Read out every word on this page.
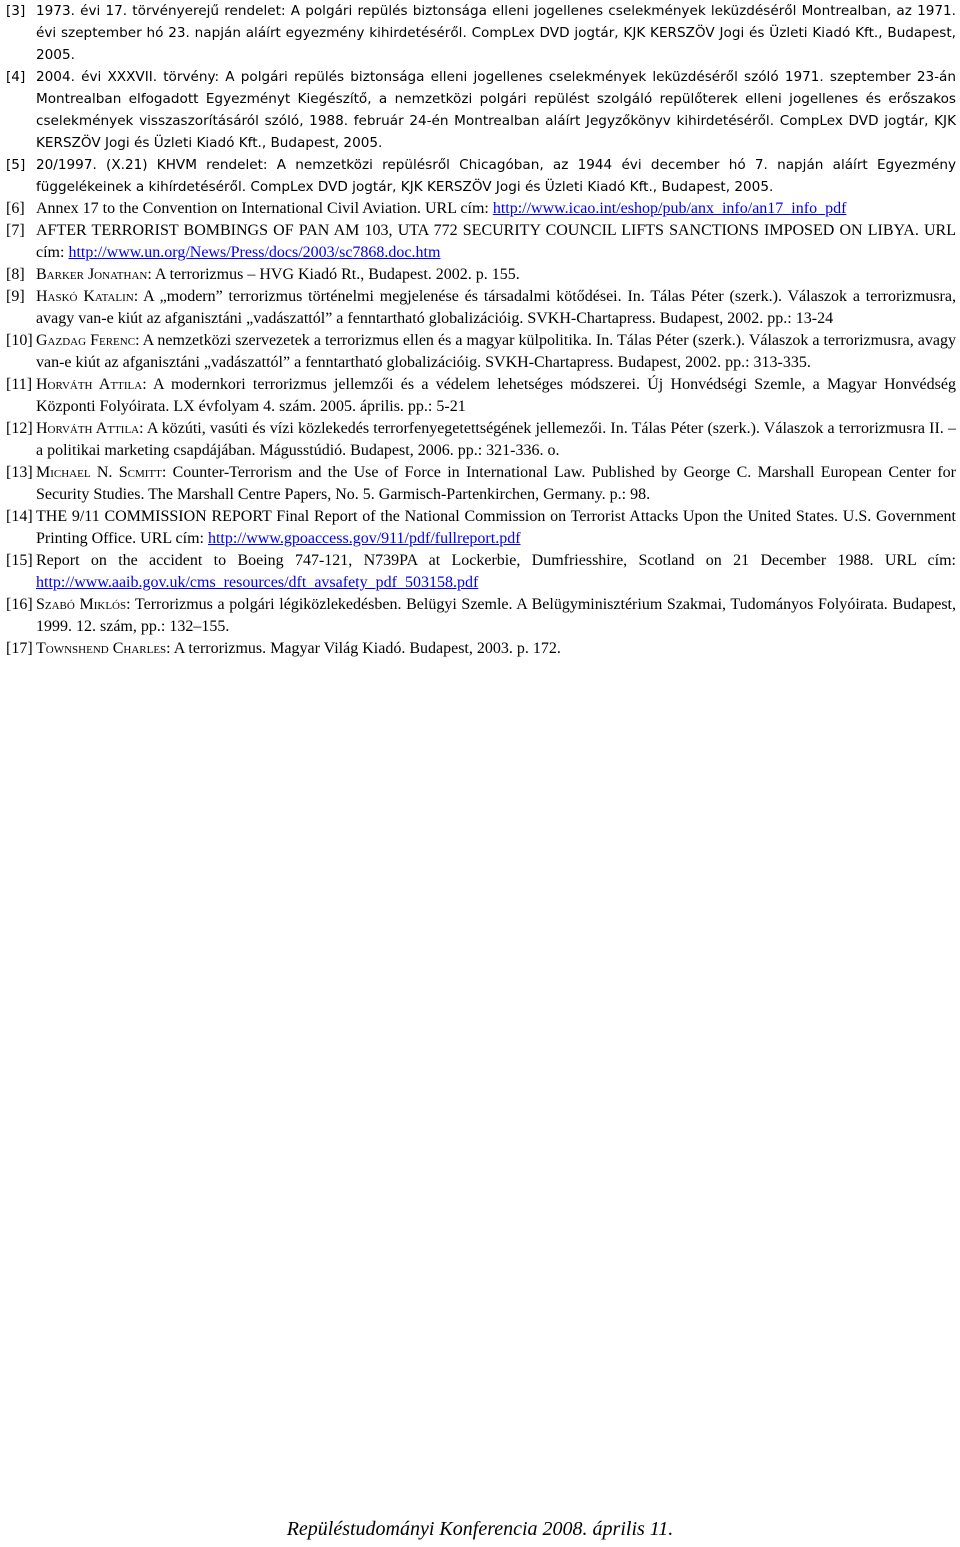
[3] 1973. évi 17. törvényerejű rendelet: A polgári repülés biztonsága elleni jogellenes cselekmények leküzdéséről Montrealban, az 1971. évi szeptember hó 23. napján aláírt egyezmény kihirdetéséről. CompLex DVD jogtár, KJK KERSZÖV Jogi és Üzleti Kiadó Kft., Budapest, 2005.
[4] 2004. évi XXXVII. törvény: A polgári repülés biztonsága elleni jogellenes cselekmények leküzdéséről szóló 1971. szeptember 23-án Montrealban elfogadott Egyezményt Kiegészítő, a nemzetközi polgári repülést szolgáló repülőterek elleni jogellenes és erőszakos cselekmények visszaszorításáról szóló, 1988. február 24-én Montrealban aláírt Jegyzőkönyv kihirdetéséről. CompLex DVD jogtár, KJK KERSZÖV Jogi és Üzleti Kiadó Kft., Budapest, 2005.
[5] 20/1997. (X.21) KHVM rendelet: A nemzetközi repülésről Chicagóban, az 1944 évi december hó 7. napján aláírt Egyezmény függelékeinek a kihírdetéséről. CompLex DVD jogtár, KJK KERSZÖV Jogi és Üzleti Kiadó Kft., Budapest, 2005.
[6] Annex 17 to the Convention on International Civil Aviation. URL cím: http://www.icao.int/eshop/pub/anx_info/an17_info_pdf
[7] AFTER TERRORIST BOMBINGS OF PAN AM 103, UTA 772 SECURITY COUNCIL LIFTS SANCTIONS IMPOSED ON LIBYA. URL cím: http://www.un.org/News/Press/docs/2003/sc7868.doc.htm
[8] Barker Jonathan: A terrorizmus – HVG Kiadó Rt., Budapest. 2002. p. 155.
[9] Haskó Katalin: A „modern” terrorizmus történelmi megjelenése és társadalmi kötődései. In. Tálas Péter (szerk.). Válaszok a terrorizmusra, avagy van-e kiút az afganisztáni „vadászattól” a fenntartható globalizációig. SVKH-Chartapress. Budapest, 2002. pp.: 13-24
[10] Gazdag Ferenc: A nemzetközi szervezetek a terrorizmus ellen és a magyar külpolitika. In. Tálas Péter (szerk.). Válaszok a terrorizmusra, avagy van-e kiút az afganisztáni „vadászattól” a fenntartható globalizációig. SVKH-Chartapress. Budapest, 2002. pp.: 313-335.
[11] Horváth Attila: A modernkori terrorizmus jellemzői és a védelem lehetséges módszerei. Új Honvédségi Szemle, a Magyar Honvédség Központi Folyóirata. LX évfolyam 4. szám. 2005. április. pp.: 5-21
[12] Horváth Attila: A közúti, vasúti és vízi közlekedés terrorfenyegetettségének jellemezői. In. Tálas Péter (szerk.). Válaszok a terrorizmusra II. – a politikai marketing csapdájában. Mágusstúdió. Budapest, 2006. pp.: 321-336. o.
[13] Michael N. Scmitt: Counter-Terrorism and the Use of Force in International Law. Published by George C. Marshall European Center for Security Studies. The Marshall Centre Papers, No. 5. Garmisch-Partenkirchen, Germany. p.: 98.
[14] THE 9/11 COMMISSION REPORT Final Report of the National Commission on Terrorist Attacks Upon the United States. U.S. Government Printing Office. URL cím: http://www.gpoaccess.gov/911/pdf/fullreport.pdf
[15] Report on the accident to Boeing 747-121, N739PA at Lockerbie, Dumfriesshire, Scotland on 21 December 1988. URL cím: http://www.aaib.gov.uk/cms_resources/dft_avsafety_pdf_503158.pdf
[16] Szabó Miklós: Terrorizmus a polgári légiközlekedésben. Belügyi Szemle. A Belügyminisztérium Szakmai, Tudományos Folyóirata. Budapest, 1999. 12. szám, pp.: 132–155.
[17] Townshend Charles: A terrorizmus. Magyar Világ Kiadó. Budapest, 2003. p. 172.
Repüléstudományi Konferencia 2008. április 11.
